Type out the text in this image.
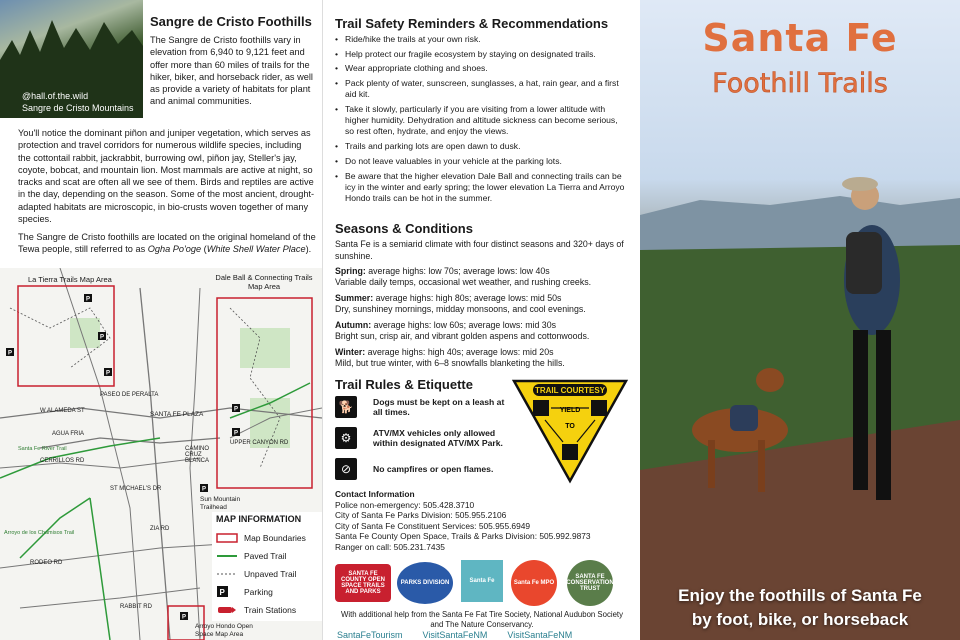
@hall.of.the.wild
Sangre de Cristo Mountains
Sangre de Cristo Foothills
The Sangre de Cristo foothills vary in elevation from 6,940 to 9,121 feet and offer more than 60 miles of trails for the hiker, biker, and horseback rider, as well as provide a variety of habitats for plant and animal communities.
You'll notice the dominant piñon and juniper vegetation, which serves as protection and travel corridors for numerous wildlife species, including the cottontail rabbit, jackrabbit, burrowing owl, piñon jay, Steller's jay, coyote, bobcat, and mountain lion. Most mammals are active at night, so tracks and scat are often all we see of them. Birds and reptiles are active in the day, depending on the season. Some of the most ancient, drought-adapted habitats are microscopic, in bio-crusts woven together of many species.
The Sangre de Cristo foothills are located on the original homeland of the Tewa people, still referred to as Ogha Po'oge (White Shell Water Place).
P
P
P
P
P
P
P
P
La Tierra Trails Map Area	Dale Ball & Connecting Trails Map Area
SANTA FE PLAZA
W ALAMEDA ST
AGUA FRIA
PASEO DE PERALTA
CERRILLOS RD
ST MICHAEL'S DR
RODEO RD
RABBIT RD
CAMINO CRUZ BLANCA
UPPER CANYON RD
ZIA RD
Arroyo de los Chamisos Trail
Santa Fe River Trail
Sun Mountain Trailhead
Arroyo Hondo Open Space Map Area
MAP INFORMATION
Map Boundaries
Paved Trail
Unpaved Trail
P Parking
Train Stations
Trail Safety Reminders & Recommendations
• Ride/hike the trails at your own risk.
• Help protect our fragile ecosystem by staying on designated trails.
• Wear appropriate clothing and shoes.
• Pack plenty of water, sunscreen, sunglasses, a hat, rain gear, and a first aid kit.
• Take it slowly, particularly if you are visiting from a lower altitude with higher humidity. Dehydration and altitude sickness can become serious, so rest often, hydrate, and enjoy the views.
• Trails and parking lots are open dawn to dusk.
• Do not leave valuables in your vehicle at the parking lots.
• Be aware that the higher elevation Dale Ball and connecting trails can be icy in the winter and early spring; the lower elevation La Tierra and Arroyo Hondo trails can be hot in the summer.
Seasons & Conditions
Santa Fe is a semiarid climate with four distinct seasons and 320+ days of sunshine.
Spring: average highs: low 70s; average lows: low 40s
Variable daily temps, occasional wet weather, and rushing creeks.
Summer: average highs: high 80s; average lows: mid 50s
Dry, sunshiney mornings, midday monsoons, and cool evenings.
Autumn: average highs: low 60s; average lows: mid 30s
Bright sun, crisp air, and vibrant golden aspens and cottonwoods.
Winter: average highs: high 40s; average lows: mid 20s
Mild, but true winter, with 6–8 snowfalls blanketing the hills.
Trail Rules & Etiquette
🐕	Dogs must be kept on a leash at all times.
⚙	ATV/MX vehicles only allowed within designated ATV/MX Park.
⊘	No campfires or open flames.
TRAIL COURTESY
YIELD
TO
Contact Information
Police non-emergency: 505.428.3710
City of Santa Fe Parks Division: 505.955.2106
City of Santa Fe Constituent Services: 505.955.6949
Santa Fe County Open Space, Trails & Parks Division: 505.992.9873
Ranger on call: 505.231.7435
SANTA FE COUNTY OPEN SPACE TRAILS AND PARKS
PARKS DIVISION	Santa Fe	Santa Fe MPO
SANTA FE CONSERVATION TRUST
With additional help from the Santa Fe Fat Tire Society, National Audubon Society and The Nature Conservancy.
SantaFeTourism VisitSantaFeNM VisitSantaFeNM
Santa Fe
Foothill Trails
Enjoy the foothills of Santa Fe
by foot, bike, or horseback
